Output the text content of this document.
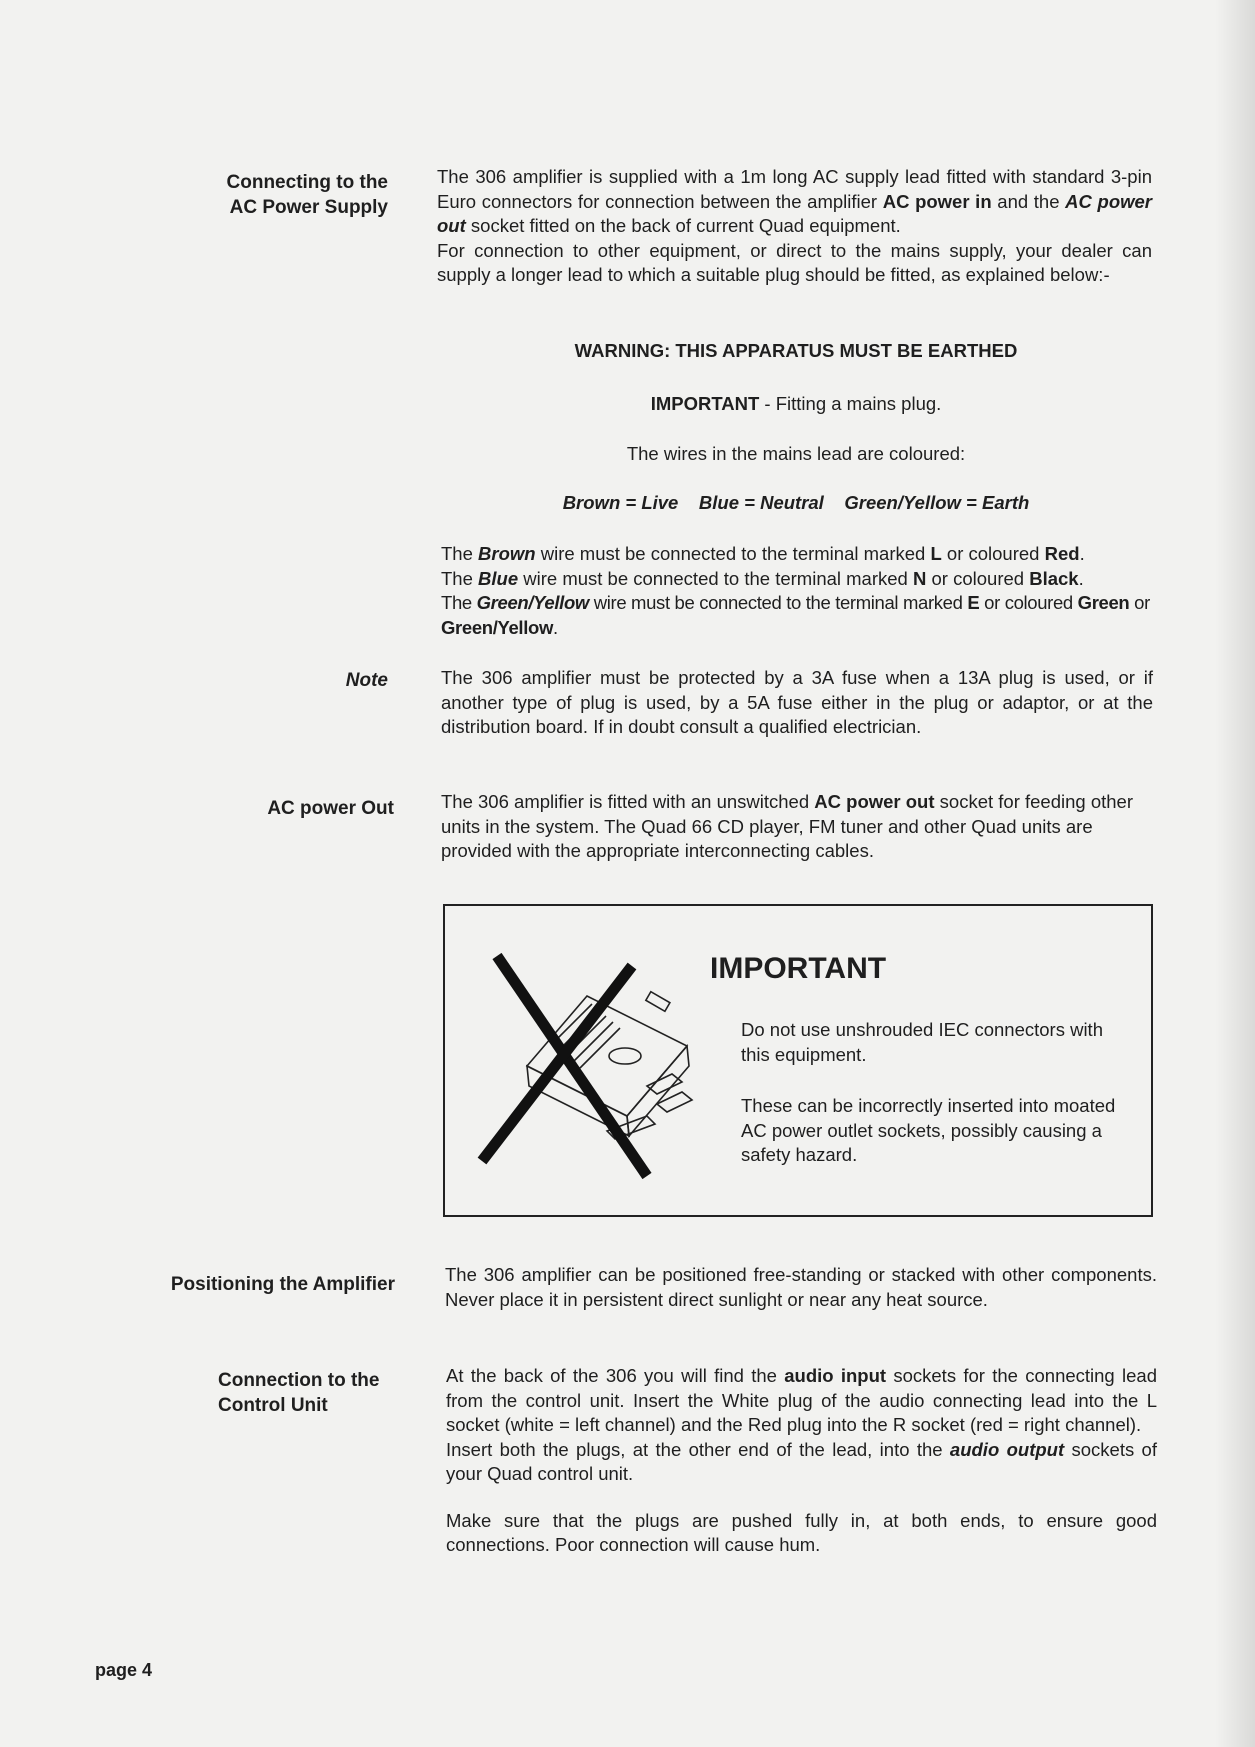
Connecting to the
AC Power Supply

The 306 amplifier is supplied with a 1m long AC supply lead fitted with standard 3-pin Euro connectors for connection between the amplifier AC power in and the AC power out socket fitted on the back of current Quad equipment.

For connection to other equipment, or direct to the mains supply, your dealer can supply a longer lead to which a suitable plug should be fitted, as explained below:-

WARNING: THIS APPARATUS MUST BE EARTHED
IMPORTANT - Fitting a mains plug.
The wires in the mains lead are coloured:
Brown = Live Blue = Neutral Green/Yellow = Earth

The Brown wire must be connected to the terminal marked L or coloured Red.

The Blue wire must be connected to the terminal marked N or coloured Black.

The Green/Yellow wire must be connected to the terminal marked E or coloured Green or Green/Yellow.

Note	The 306 amplifier must be protected by a 3A fuse when a 13A plug is used, or if another type of plug is used, by a 5A fuse either in the plug or adaptor, or at the distribution board. If in doubt consult a qualified electrician.
AC power Out	The 306 amplifier is fitted with an unswitched AC power out socket for feeding other units in the system. The Quad 66 CD player, FM tuner and other Quad units are provided with the appropriate interconnecting cables.

IMPORTANT
Do not use unshrouded IEC connectors with this equipment.
These can be incorrectly inserted into moated AC power outlet sockets, possibly causing a safety hazard.
Positioning the Amplifier	The 306 amplifier can be positioned free-standing or stacked with other components. Never place it in persistent direct sunlight or near any heat source.
Connection to the
Control Unit

At the back of the 306 you will find the audio input sockets for the connecting lead from the control unit. Insert the White plug of the audio connecting lead into the L socket (white = left channel) and the Red plug into the R socket (red = right channel).

Insert both the plugs, at the other end of the lead, into the audio output sockets of your Quad control unit.

Make sure that the plugs are pushed fully in, at both ends, to ensure good connections. Poor connection will cause hum.

page 4
